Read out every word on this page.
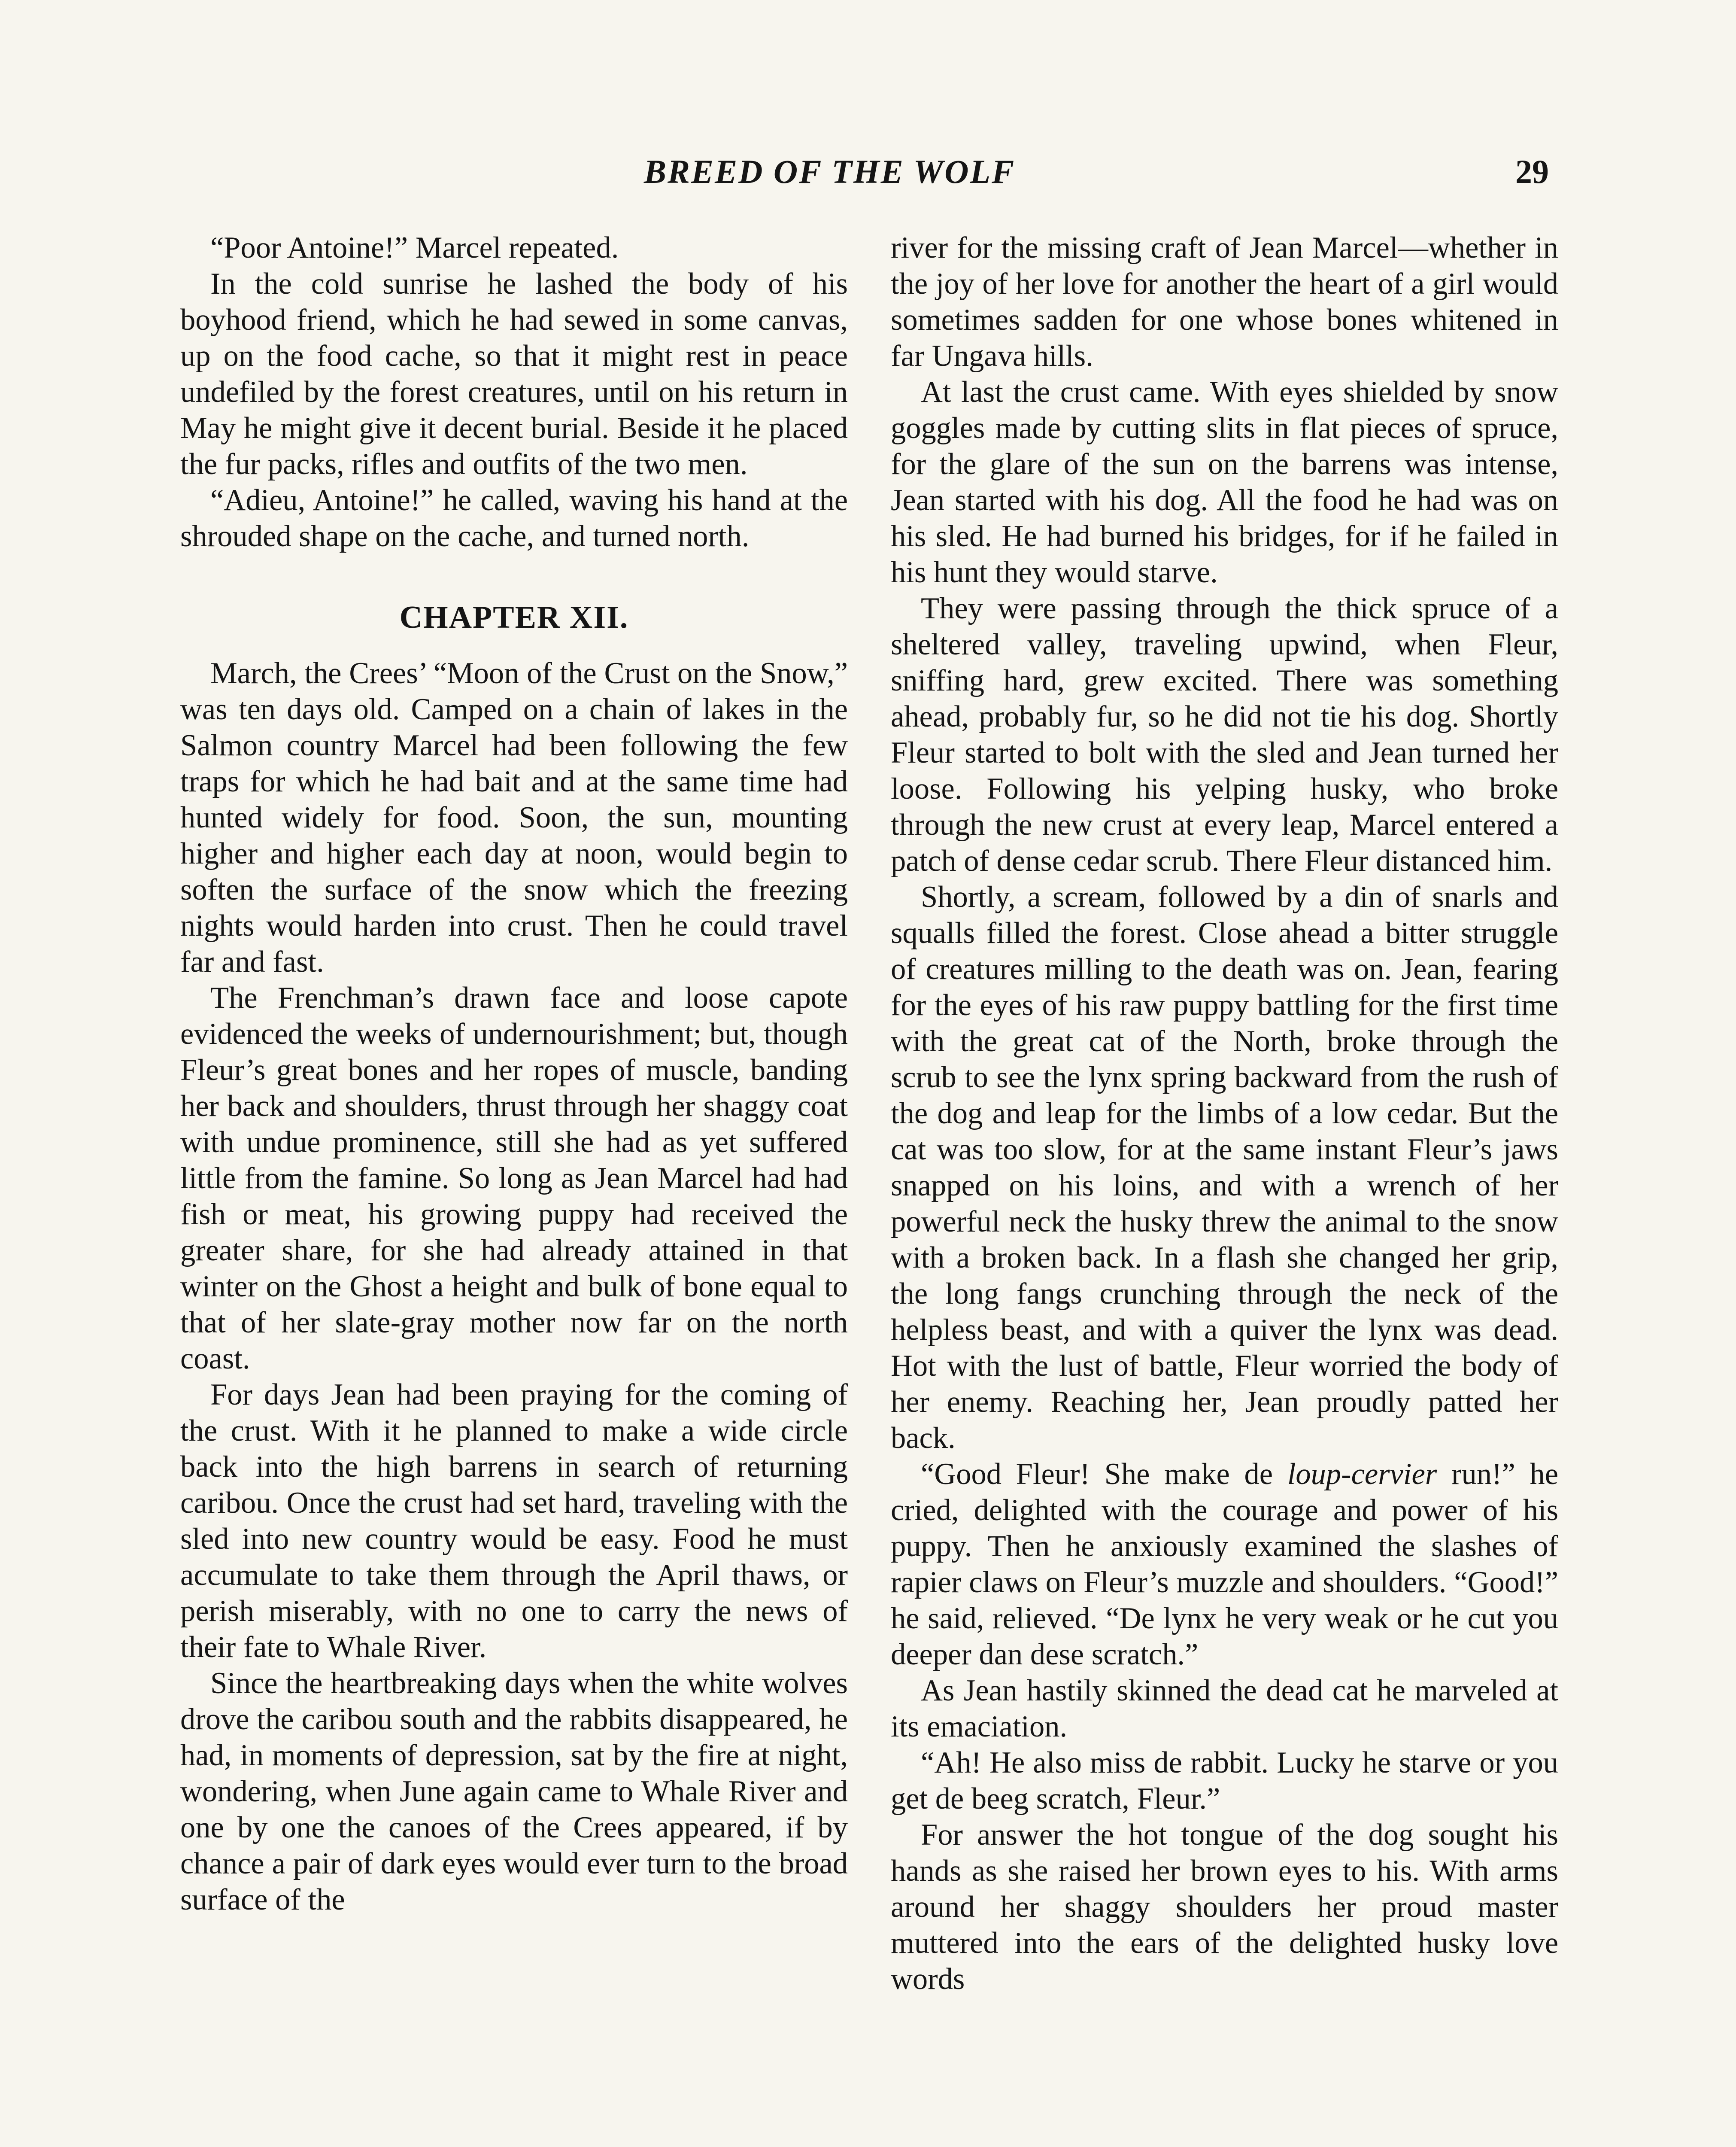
BREED OF THE WOLF	29

“Poor Antoine!” Marcel repeated.

In the cold sunrise he lashed the body of his boyhood friend, which he had sewed in some canvas, up on the food cache, so that it might rest in peace undefiled by the forest creatures, until on his return in May he might give it decent burial. Beside it he placed the fur packs, rifles and outfits of the two men.

“Adieu, Antoine!” he called, waving his hand at the shrouded shape on the cache, and turned north.

CHAPTER XII.

March, the Crees’ “Moon of the Crust on the Snow,” was ten days old. Camped on a chain of lakes in the Salmon country Marcel had been following the few traps for which he had bait and at the same time had hunted widely for food. Soon, the sun, mounting higher and higher each day at noon, would begin to soften the surface of the snow which the freezing nights would harden into crust. Then he could travel far and fast.

The Frenchman’s drawn face and loose capote evidenced the weeks of undernourishment; but, though Fleur’s great bones and her ropes of muscle, banding her back and shoulders, thrust through her shaggy coat with undue prominence, still she had as yet suffered little from the famine. So long as Jean Marcel had had fish or meat, his growing puppy had received the greater share, for she had already attained in that winter on the Ghost a height and bulk of bone equal to that of her slate-gray mother now far on the north coast.

For days Jean had been praying for the coming of the crust. With it he planned to make a wide circle back into the high barrens in search of returning caribou. Once the crust had set hard, traveling with the sled into new country would be easy. Food he must accumulate to take them through the April thaws, or perish miserably, with no one to carry the news of their fate to Whale River.

Since the heartbreaking days when the white wolves drove the caribou south and the rabbits disappeared, he had, in moments of depression, sat by the fire at night, wondering, when June again came to Whale River and one by one the canoes of the Crees appeared, if by chance a pair of dark eyes would ever turn to the broad surface of the

river for the missing craft of Jean Marcel—whether in the joy of her love for another the heart of a girl would sometimes sadden for one whose bones whitened in far Ungava hills.

At last the crust came. With eyes shielded by snow goggles made by cutting slits in flat pieces of spruce, for the glare of the sun on the barrens was intense, Jean started with his dog. All the food he had was on his sled. He had burned his bridges, for if he failed in his hunt they would starve.

They were passing through the thick spruce of a sheltered valley, traveling upwind, when Fleur, sniffing hard, grew excited. There was something ahead, probably fur, so he did not tie his dog. Shortly Fleur started to bolt with the sled and Jean turned her loose. Following his yelping husky, who broke through the new crust at every leap, Marcel entered a patch of dense cedar scrub. There Fleur distanced him.

Shortly, a scream, followed by a din of snarls and squalls filled the forest. Close ahead a bitter struggle of creatures milling to the death was on. Jean, fearing for the eyes of his raw puppy battling for the first time with the great cat of the North, broke through the scrub to see the lynx spring backward from the rush of the dog and leap for the limbs of a low cedar. But the cat was too slow, for at the same instant Fleur’s jaws snapped on his loins, and with a wrench of her powerful neck the husky threw the animal to the snow with a broken back. In a flash she changed her grip, the long fangs crunching through the neck of the helpless beast, and with a quiver the lynx was dead. Hot with the lust of battle, Fleur worried the body of her enemy. Reaching her, Jean proudly patted her back.

“Good Fleur! She make de loup-cervier run!” he cried, delighted with the courage and power of his puppy. Then he anxiously examined the slashes of rapier claws on Fleur’s muzzle and shoulders. “Good!” he said, relieved. “De lynx he very weak or he cut you deeper dan dese scratch.”

As Jean hastily skinned the dead cat he marveled at its emaciation.

“Ah! He also miss de rabbit. Lucky he starve or you get de beeg scratch, Fleur.”

For answer the hot tongue of the dog sought his hands as she raised her brown eyes to his. With arms around her shaggy shoulders her proud master muttered into the ears of the delighted husky love words
